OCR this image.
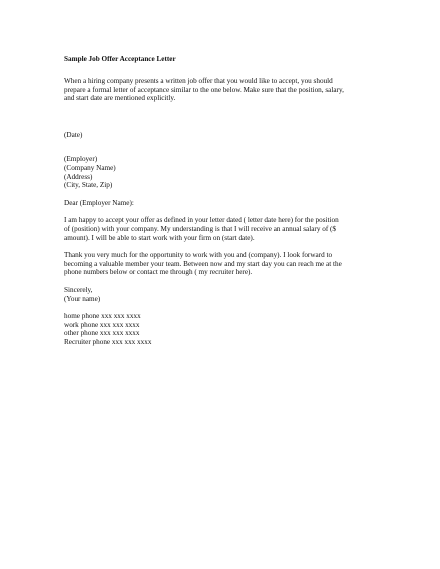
Sample Job Offer Acceptance Letter
When a hiring company presents a written job offer that you would like to accept, you should
prepare a formal letter of acceptance similar to the one below. Make sure that the position, salary,
and start date are mentioned explicitly.
(Date)
(Employer)
(Company Name)
(Address)
(City, State, Zip)
Dear (Employer Name):
I am happy to accept your offer as defined in your letter dated ( letter date here) for the position
of (position) with your company. My understanding is that I will receive an annual salary of ($
amount). I will be able to start work with your firm on (start date).
Thank you very much for the opportunity to work with you and (company). I look forward to
becoming a valuable member your team. Between now and my start day you can reach me at the
phone numbers below or contact me through ( my recruiter here).
Sincerely,
(Your name)
home phone xxx xxx xxxx
work phone xxx xxx xxxx
other phone xxx xxx xxxx
Recruiter phone xxx xxx xxxx
